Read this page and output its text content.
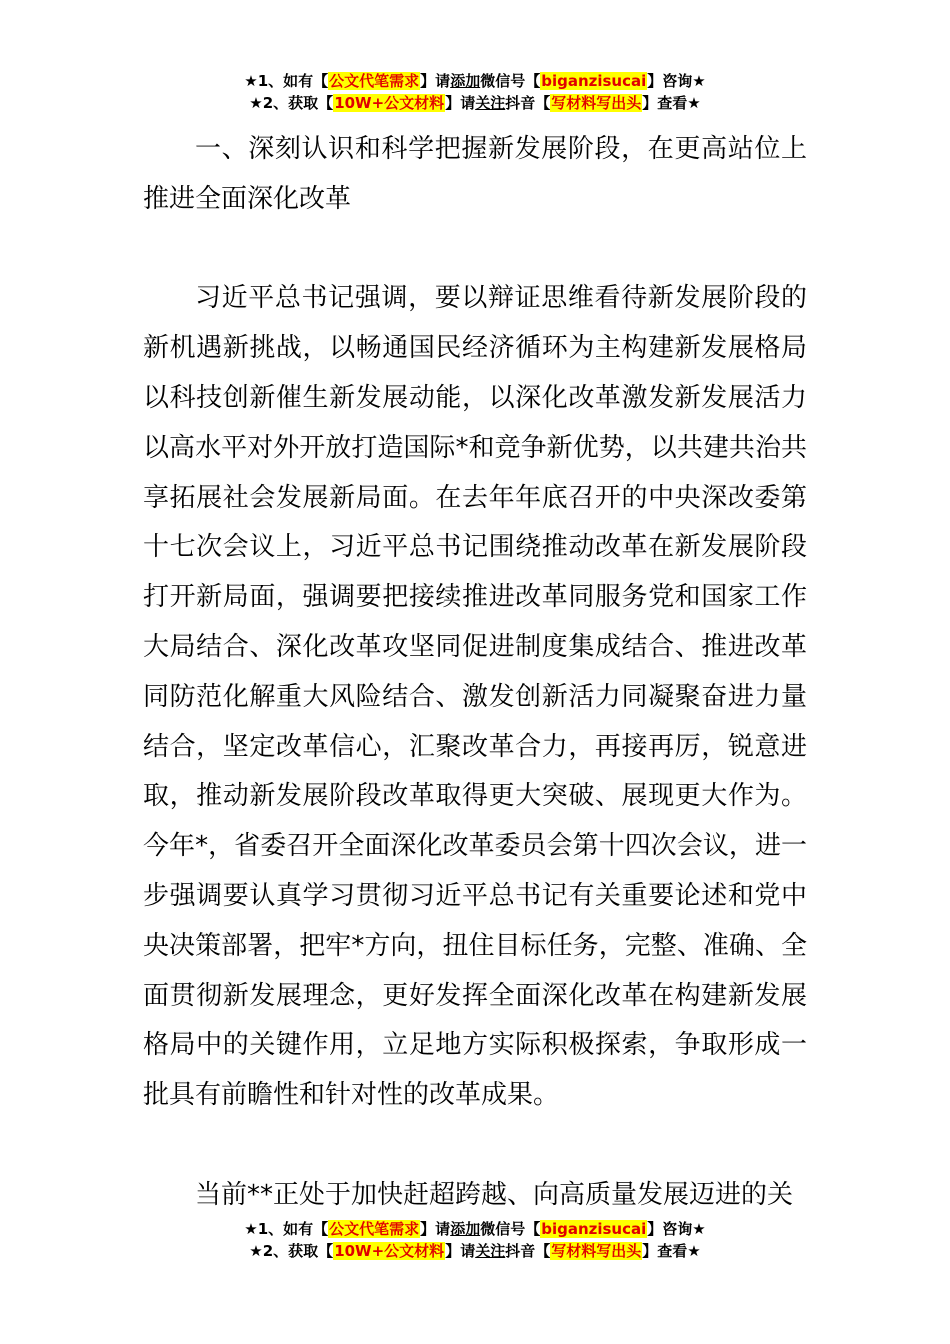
★1、如有【公文代笔需求】请添加微信号【biganzisucai】咨询★
★2、获取【10W+公文材料】请关注抖音【写材料写出头】查看★

一、深刻认识和科学把握新发展阶段，在更高站位上推进全面深化改革

习近平总书记强调，要以辩证思维看待新发展阶段的新机遇新挑战，以畅通国民经济循环为主构建新发展格局以科技创新催生新发展动能，以深化改革激发新发展活力以高水平对外开放打造国际*和竞争新优势，以共建共治共享拓展社会发展新局面。在去年年底召开的中央深改委第十七次会议上，习近平总书记围绕推动改革在新发展阶段打开新局面，强调要把接续推进改革同服务党和国家工作大局结合、深化改革攻坚同促进制度集成结合、推进改革同防范化解重大风险结合、激发创新活力同凝聚奋进力量结合，坚定改革信心，汇聚改革合力，再接再厉，锐意进取，推动新发展阶段改革取得更大突破、展现更大作为。今年*，省委召开全面深化改革委员会第十四次会议，进一步强调要认真学习贯彻习近平总书记有关重要论述和党中央决策部署，把牢*方向，扭住目标任务，完整、准确、全面贯彻新发展理念，更好发挥全面深化改革在构建新发展格局中的关键作用，立足地方实际积极探索，争取形成一批具有前瞻性和针对性的改革成果。

当前**正处于加快赶超跨越、向高质量发展迈进的关

★1、如有【公文代笔需求】请添加微信号【biganzisucai】咨询★
★2、获取【10W+公文材料】请关注抖音【写材料写出头】查看★
